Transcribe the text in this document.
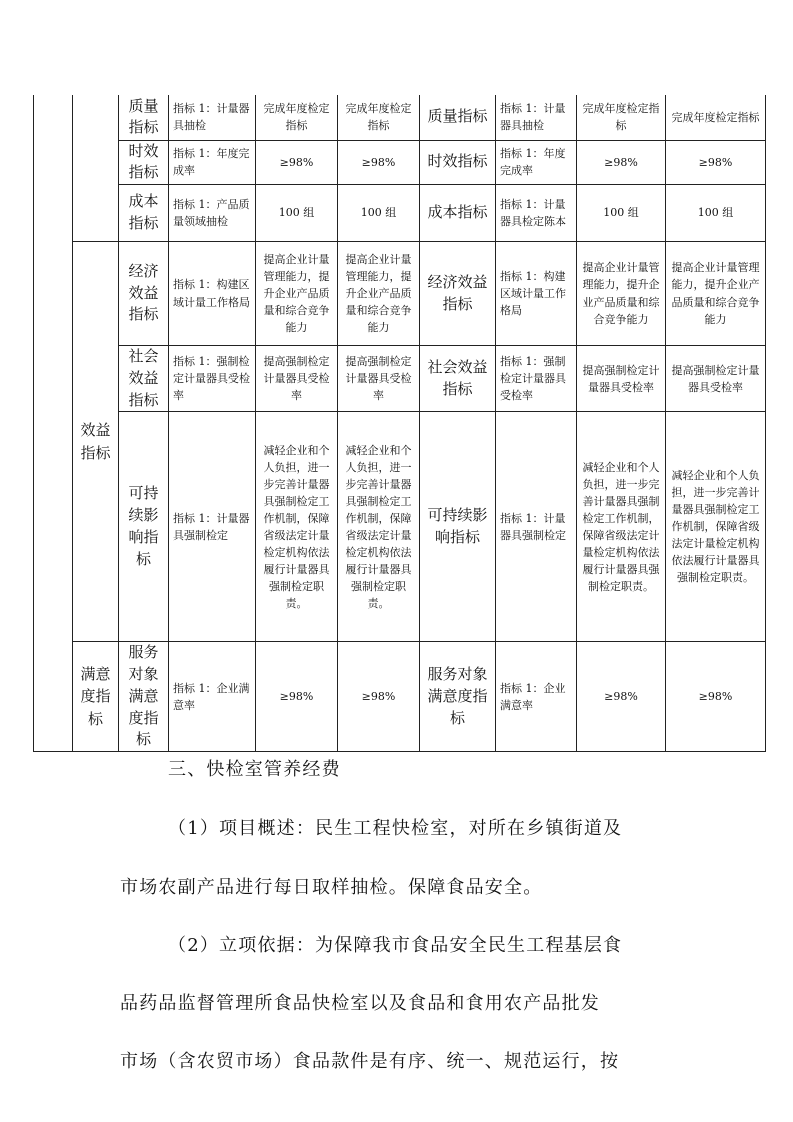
		质量指标	指标 1：计量器具抽检	完成年度检定指标	完成年度检定指标	质量指标	指标 1：计量器具抽检	完成年度检定指标	完成年度检定指标
		时效指标	指标 1：年度完成率	≥98%	≥98%	时效指标	指标 1：年度完成率	≥98%	≥98%
		成本指标	指标 1：产品质量领域抽检	100 组	100 组	成本指标	指标 1：计量器具检定陈本	100 组	100 组
	效益指标	经济效益指标	指标 1：构建区域计量工作格局	提高企业计量管理能力，提升企业产品质量和综合竞争能力	提高企业计量管理能力，提升企业产品质量和综合竞争能力	经济效益指标	指标 1：构建区域计量工作格局	提高企业计量管理能力，提升企业产品质量和综合竞争能力	提高企业计量管理能力，提升企业产品质量和综合竞争能力
		社会效益指标	指标 1：强制检定计量器具受检率	提高强制检定计量器具受检率	提高强制检定计量器具受检率	社会效益指标	指标 1：强制检定计量器具受检率	提高强制检定计量器具受检率	提高强制检定计量器具受检率
		可持续影响指标	指标 1：计量器具强制检定	减轻企业和个人负担，进一步完善计量器具强制检定工作机制，保障省级法定计量检定机构依法履行计量器具强制检定职责。	减轻企业和个人负担，进一步完善计量器具强制检定工作机制，保障省级法定计量检定机构依法履行计量器具强制检定职责。	可持续影响指标	指标 1：计量器具强制检定	减轻企业和个人负担，进一步完善计量器具强制检定工作机制，保障省级法定计量检定机构依法履行计量器具强制检定职责。	减轻企业和个人负担，进一步完善计量器具强制检定工作机制，保障省级法定计量检定机构依法履行计量器具强制检定职责。
	满意度指标	服务对象满意度指标	指标 1：企业满意率	≥98%	≥98%	服务对象满意度指标	指标 1：企业满意率	≥98%	≥98%
三、快检室管养经费
（1）项目概述：民生工程快检室，对所在乡镇街道及
市场农副产品进行每日取样抽检。保障食品安全。
（2）立项依据：为保障我市食品安全民生工程基层食
品药品监督管理所食品快检室以及食品和食用农产品批发
市场（含农贸市场）食品款件是有序、统一、规范运行，按
